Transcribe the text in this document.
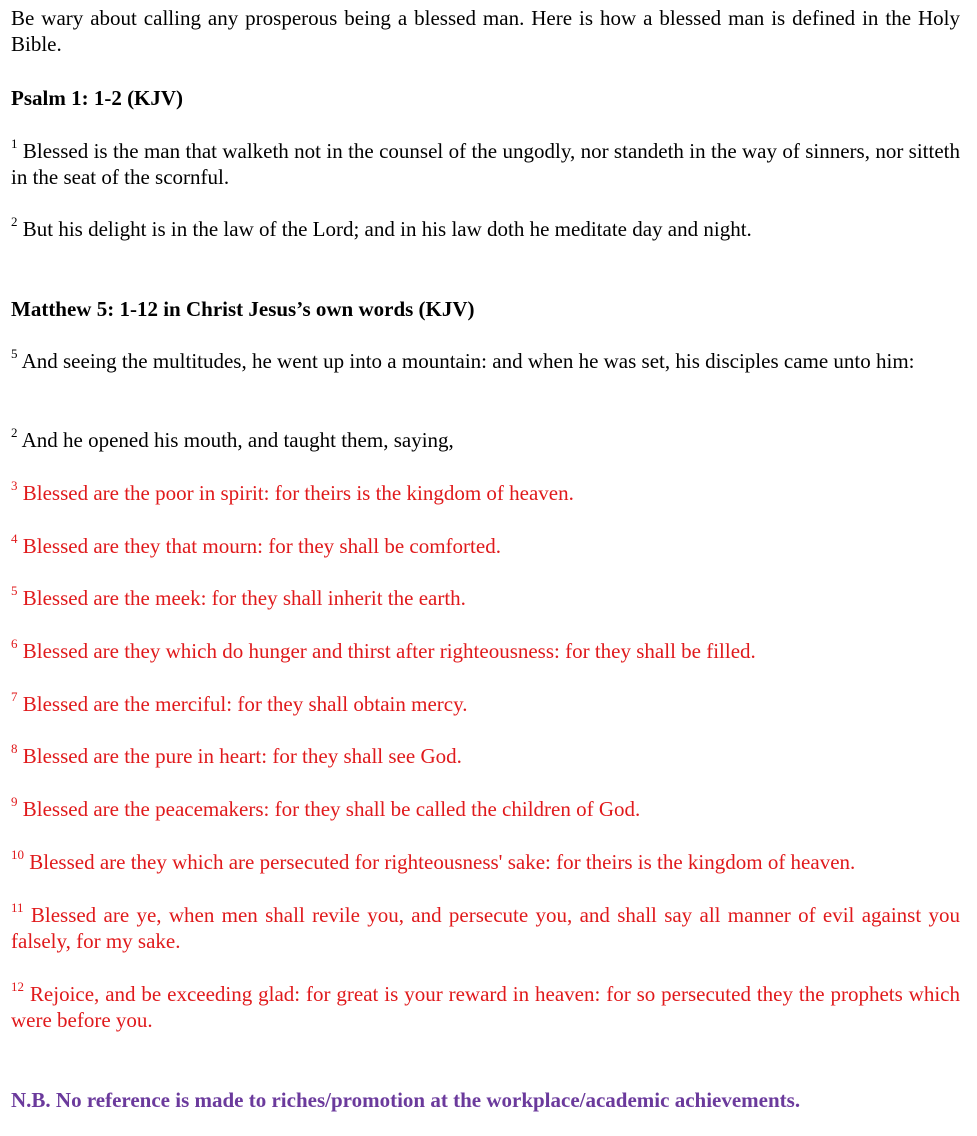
Be wary about calling any prosperous being a blessed man. Here is how a blessed man is defined in the Holy Bible.

Psalm 1: 1-2 (KJV)

$^1$ Blessed is the man that walketh not in the counsel of the ungodly, nor standeth in the way of sinners, nor sitteth in the seat of the scornful.

$^2$ But his delight is in the law of the Lord; and in his law doth he meditate day and night.

Matthew 5: 1-12 in Christ Jesus’s own words (KJV)

$^5$ And seeing the multitudes, he went up into a mountain: and when he was set, his disciples came unto him:

$^2$ And he opened his mouth, and taught them, saying,

$^3$ Blessed are the poor in spirit: for theirs is the kingdom of heaven.

$^4$ Blessed are they that mourn: for they shall be comforted.

$^5$ Blessed are the meek: for they shall inherit the earth.

$^6$ Blessed are they which do hunger and thirst after righteousness: for they shall be filled.

$^7$ Blessed are the merciful: for they shall obtain mercy.

$^8$ Blessed are the pure in heart: for they shall see God.

$^9$ Blessed are the peacemakers: for they shall be called the children of God.

$^{10}$ Blessed are they which are persecuted for righteousness' sake: for theirs is the kingdom of heaven.

$^{11}$ Blessed are ye, when men shall revile you, and persecute you, and shall say all manner of evil against you falsely, for my sake.

$^{12}$ Rejoice, and be exceeding glad: for great is your reward in heaven: for so persecuted they the prophets which were before you.

N.B. No reference is made to riches/promotion at the workplace/academic achievements.
